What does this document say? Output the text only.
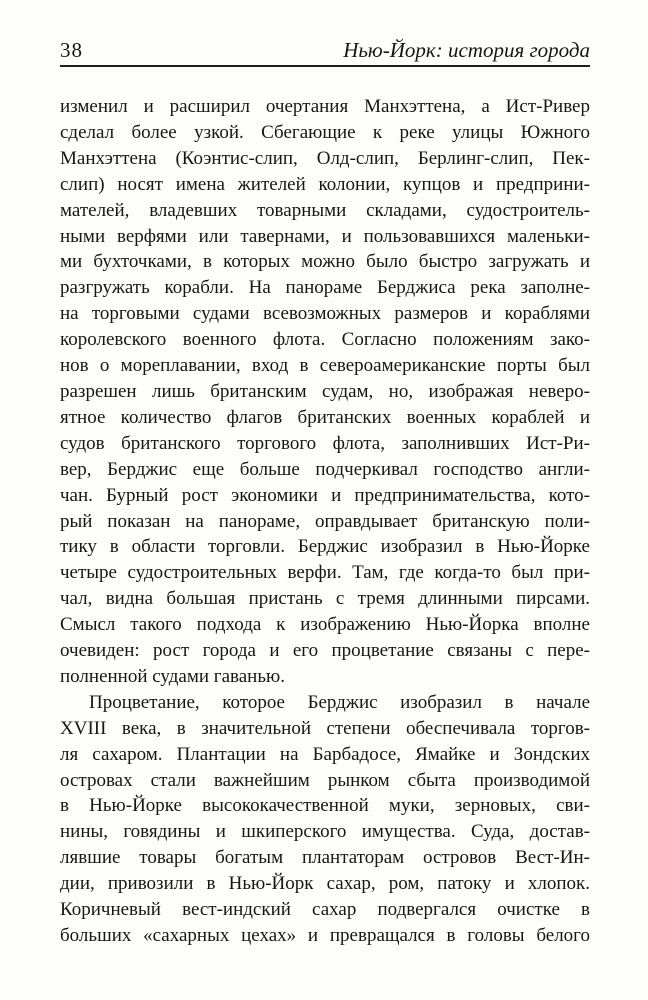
38	Нью-Йорк: история города
изменил и расширил очертания Манхэттена, а Ист-Ривер
сделал более узкой. Сбегающие к реке улицы Южного
Манхэттена (Коэнтис-слип, Олд-слип, Берлинг-слип, Пек-
слип) носят имена жителей колонии, купцов и предприни-
мателей, владевших товарными складами, судостроитель-
ными верфями или тавернами, и пользовавшихся маленьки-
ми бухточками, в которых можно было быстро загружать и
разгружать корабли. На панораме Берджиса река заполне-
на торговыми судами всевозможных размеров и кораблями
королевского военного флота. Согласно положениям зако-
нов о мореплавании, вход в североамериканские порты был
разрешен лишь британским судам, но, изображая неверо-
ятное количество флагов британских военных кораблей и
судов британского торгового флота, заполнивших Ист-Ри-
вер, Берджис еще больше подчеркивал господство англи-
чан. Бурный рост экономики и предпринимательства, кото-
рый показан на панораме, оправдывает британскую поли-
тику в области торговли. Берджис изобразил в Нью-Йорке
четыре судостроительных верфи. Там, где когда-то был при-
чал, видна большая пристань с тремя длинными пирсами.
Смысл такого подхода к изображению Нью-Йорка вполне
очевиден: рост города и его процветание связаны с пере-
полненной судами гаванью.
Процветание, которое Берджис изобразил в начале
XVIII века, в значительной степени обеспечивала торгов-
ля сахаром. Плантации на Барбадосе, Ямайке и Зондских
островах стали важнейшим рынком сбыта производимой
в Нью-Йорке высококачественной муки, зерновых, сви-
нины, говядины и шкиперского имущества. Суда, достав-
лявшие товары богатым плантаторам островов Вест-Ин-
дии, привозили в Нью-Йорк сахар, ром, патоку и хлопок.
Коричневый вест-индский сахар подвергался очистке в
больших «сахарных цехах» и превращался в головы белого
